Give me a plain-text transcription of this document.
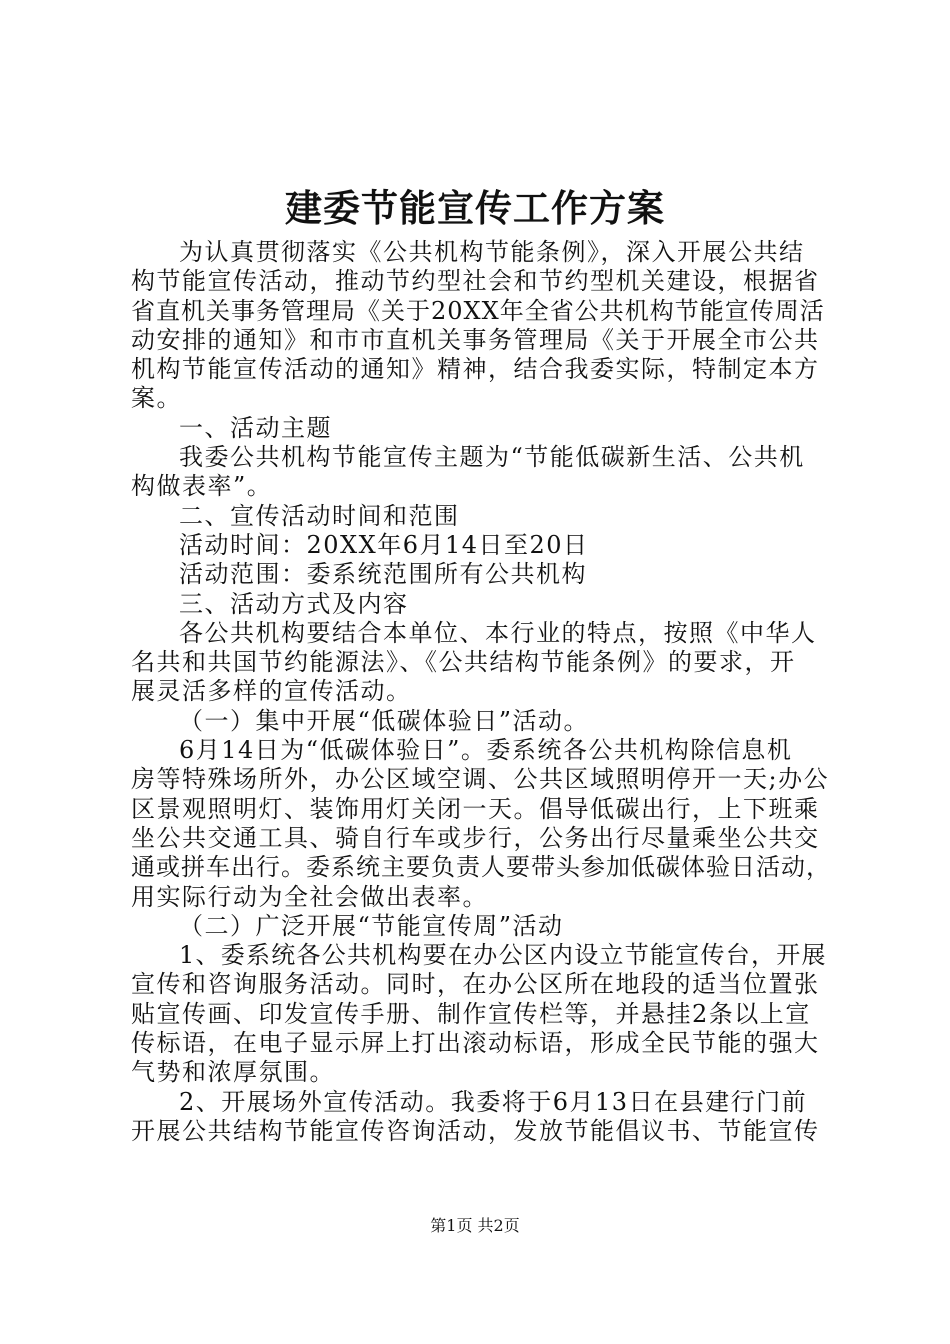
建委节能宣传工作方案
为认真贯彻落实《公共机构节能条例》，深入开展公共结
构节能宣传活动，推动节约型社会和节约型机关建设，根据省
省直机关事务管理局《关于20XX年全省公共机构节能宣传周活
动安排的通知》和市市直机关事务管理局《关于开展全市公共
机构节能宣传活动的通知》精神，结合我委实际，特制定本方
案。
一、活动主题
我委公共机构节能宣传主题为“节能低碳新生活、公共机
构做表率”。
二、宣传活动时间和范围
活动时间：20XX年6月14日至20日
活动范围：委系统范围所有公共机构
三、活动方式及内容
各公共机构要结合本单位、本行业的特点，按照《中华人
名共和共国节约能源法》、《公共结构节能条例》的要求，开
展灵活多样的宣传活动。
（一）集中开展“低碳体验日”活动。
6月14日为“低碳体验日”。委系统各公共机构除信息机
房等特殊场所外，办公区域空调、公共区域照明停开一天;办公
区景观照明灯、装饰用灯关闭一天。倡导低碳出行，上下班乘
坐公共交通工具、骑自行车或步行，公务出行尽量乘坐公共交
通或拼车出行。委系统主要负责人要带头参加低碳体验日活动，
用实际行动为全社会做出表率。
（二）广泛开展“节能宣传周”活动
1、委系统各公共机构要在办公区内设立节能宣传台，开展
宣传和咨询服务活动。同时，在办公区所在地段的适当位置张
贴宣传画、印发宣传手册、制作宣传栏等，并悬挂2条以上宣
传标语，在电子显示屏上打出滚动标语，形成全民节能的强大
气势和浓厚氛围。
2、开展场外宣传活动。我委将于6月13日在县建行门前
开展公共结构节能宣传咨询活动，发放节能倡议书、节能宣传
第1页 共2页
